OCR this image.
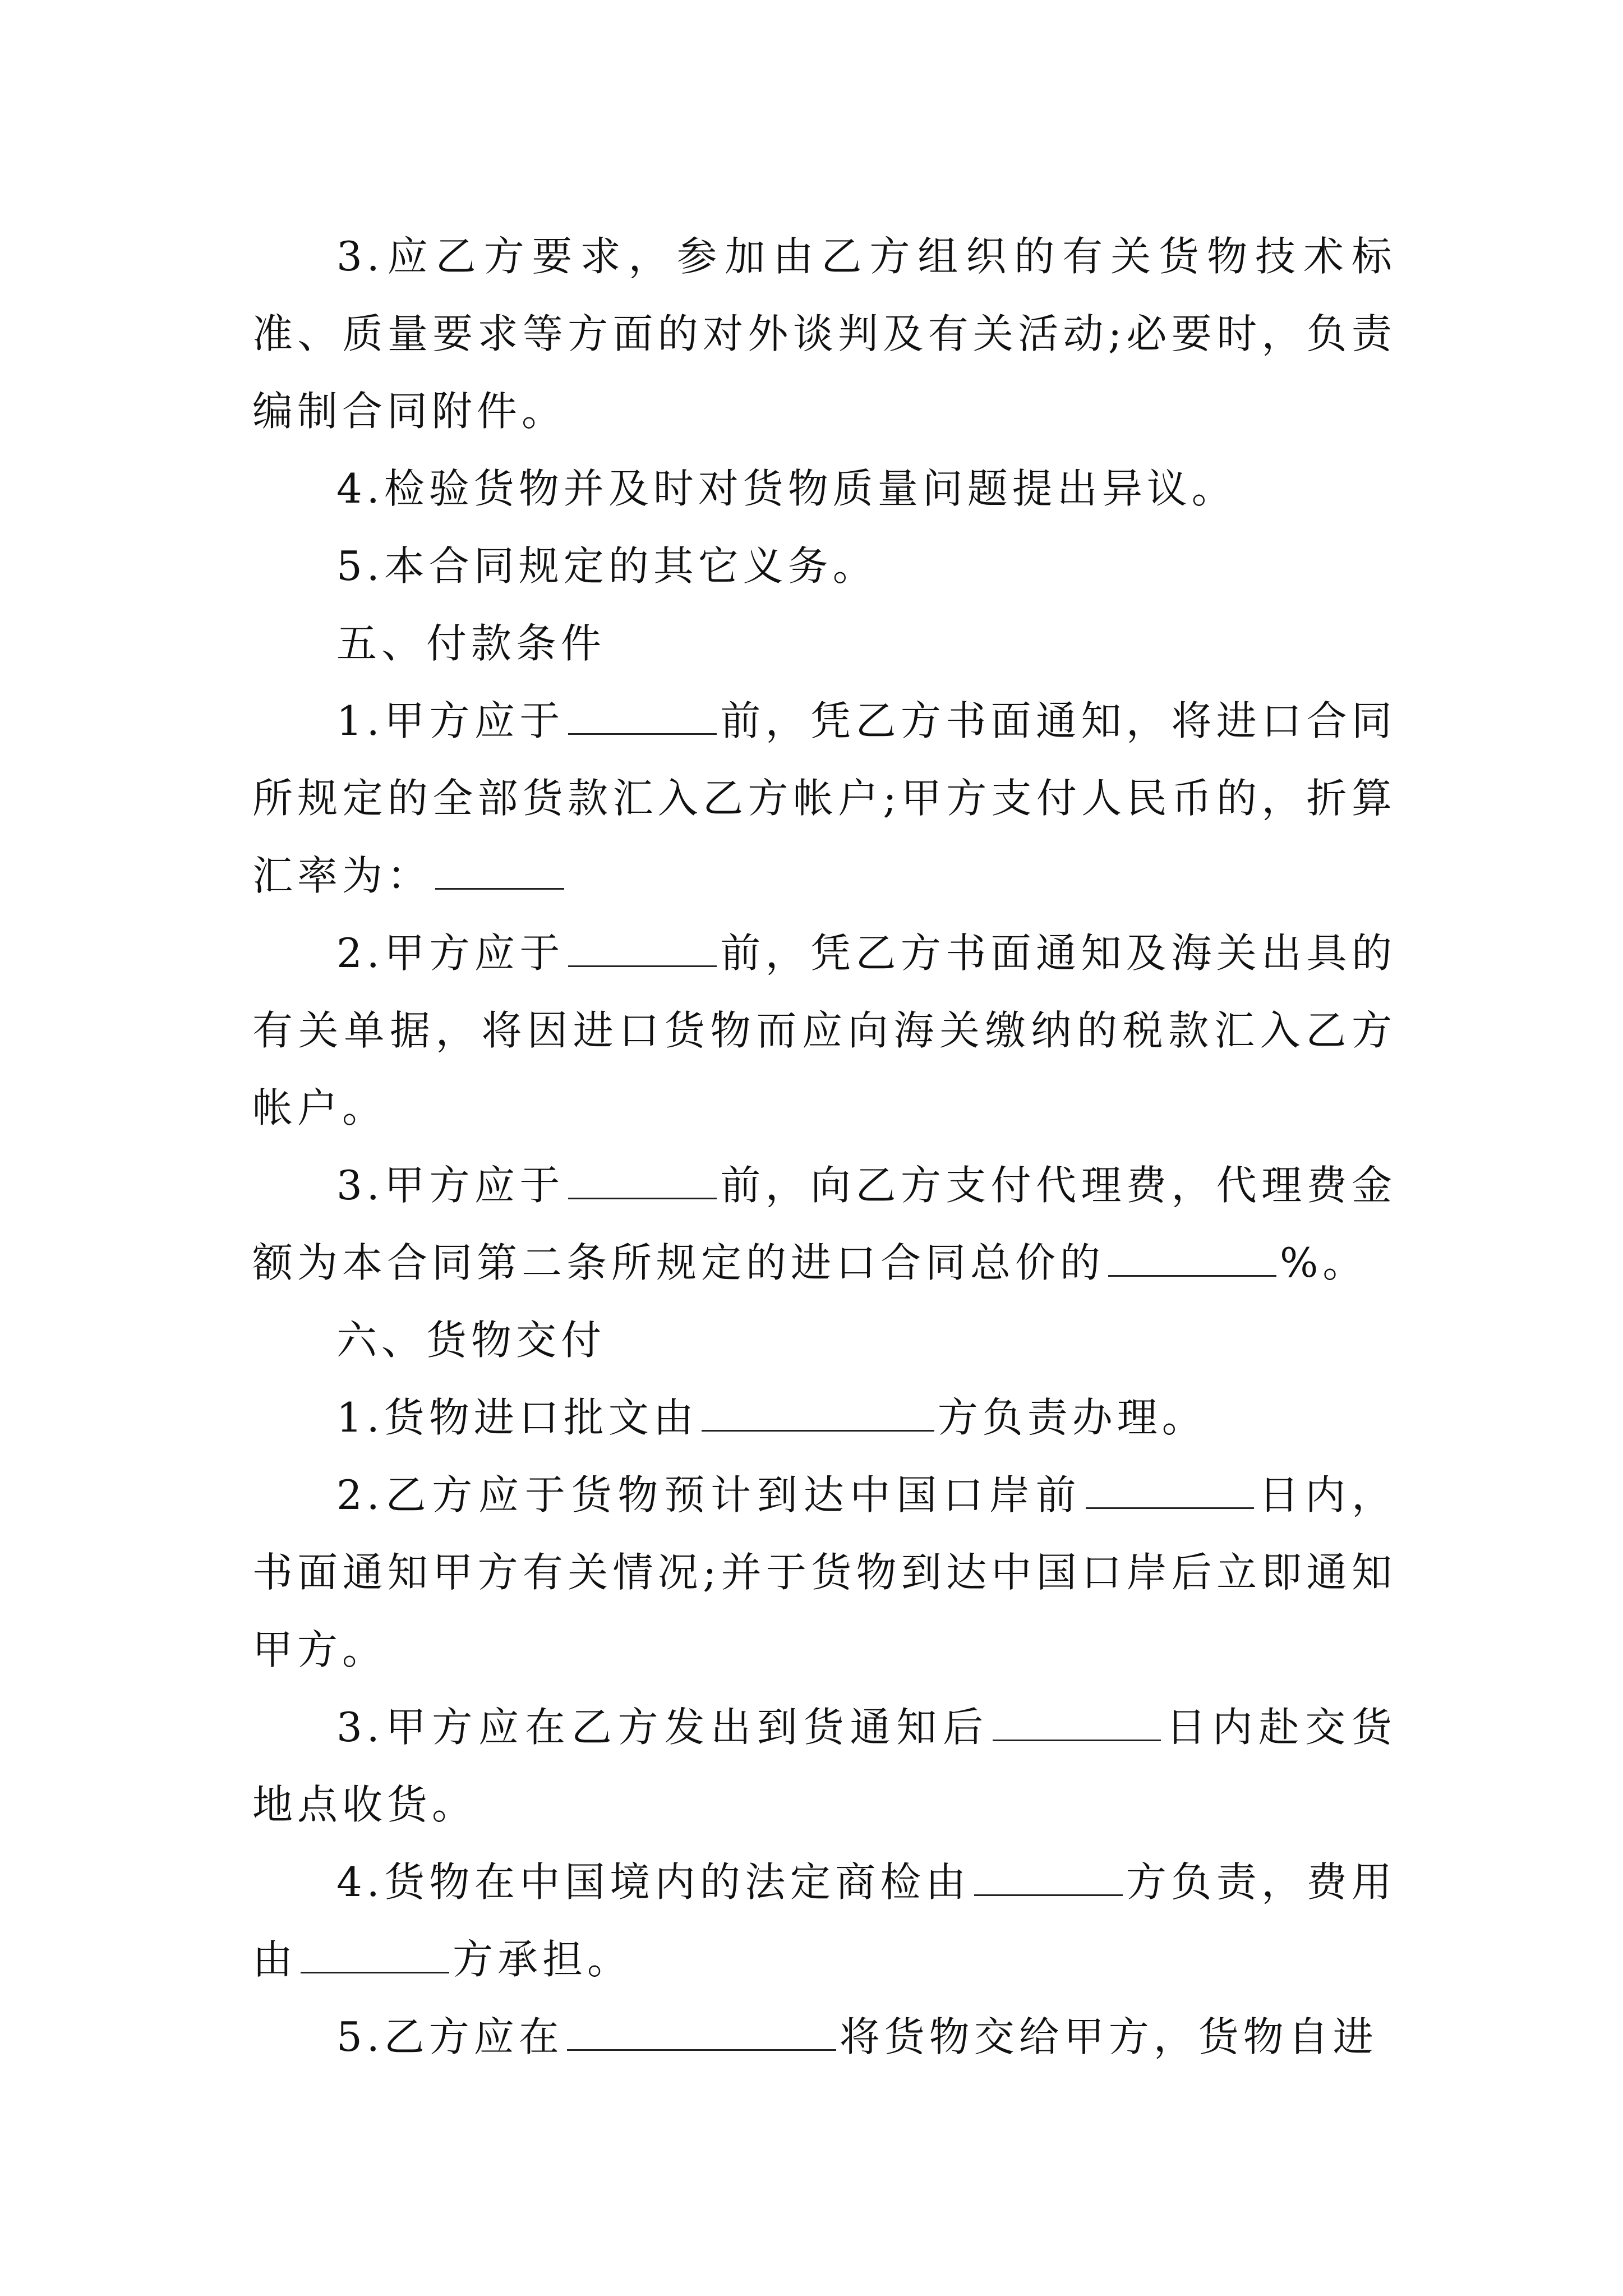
3.应乙方要求，参加由乙方组织的有关货物技术标准、质量要求等方面的对外谈判及有关活动;必要时，负责编制合同附件。

4.检验货物并及时对货物质量问题提出异议。

5.本合同规定的其它义务。

五、付款条件

1.甲方应于	前，凭乙方书面通知，将进口合同所规定的全部货款汇入乙方帐户;甲方支付人民币的，折算汇率为：

2.甲方应于	前，凭乙方书面通知及海关出具的有关单据，将因进口货物而应向海关缴纳的税款汇入乙方帐户。

3.甲方应于	前，向乙方支付代理费，代理费金额为本合同第二条所规定的进口合同总价的	%。

六、货物交付

1.货物进口批文由	方负责办理。

2.乙方应于货物预计到达中国口岸前	日内，书面通知甲方有关情况;并于货物到达中国口岸后立即通知甲方。

3.甲方应在乙方发出到货通知后	日内赴交货地点收货。

4.货物在中国境内的法定商检由	方负责，费用由	方承担。

5.乙方应在	将货物交给甲方，货物自进
